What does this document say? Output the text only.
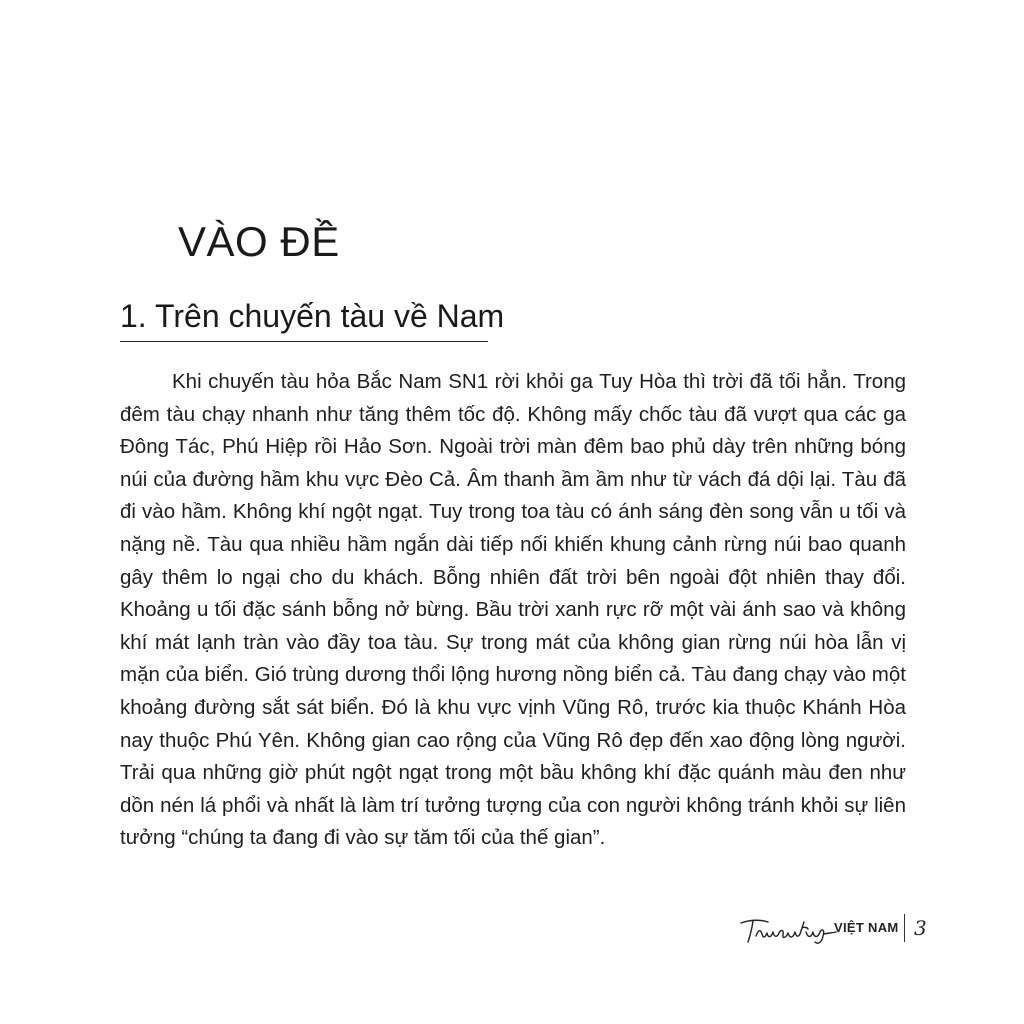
VÀO ĐỀ
1. Trên chuyến tàu về Nam

Khi chuyến tàu hỏa Bắc Nam SN1 rời khỏi ga Tuy Hòa thì trời đã tối hẳn. Trong đêm tàu chạy nhanh như tăng thêm tốc độ. Không mấy chốc tàu đã vượt qua các ga Đông Tác, Phú Hiệp rồi Hảo Sơn. Ngoài trời màn đêm bao phủ dày trên những bóng núi của đường hầm khu vực Đèo Cả. Âm thanh ầm ầm như từ vách đá dội lại. Tàu đã đi vào hầm. Không khí ngột ngạt. Tuy trong toa tàu có ánh sáng đèn song vẫn u tối và nặng nề. Tàu qua nhiều hầm ngắn dài tiếp nối khiến khung cảnh rừng núi bao quanh gây thêm lo ngại cho du khách. Bỗng nhiên đất trời bên ngoài đột nhiên thay đổi. Khoảng u tối đặc sánh bỗng nở bừng. Bầu trời xanh rực rỡ một vài ánh sao và không khí mát lạnh tràn vào đầy toa tàu. Sự trong mát của không gian rừng núi hòa lẫn vị mặn của biển. Gió trùng dương thổi lộng hương nồng biển cả. Tàu đang chạy vào một khoảng đường sắt sát biển. Đó là khu vực vịnh Vũng Rô, trước kia thuộc Khánh Hòa nay thuộc Phú Yên. Không gian cao rộng của Vũng Rô đẹp đến xao động lòng người. Trải qua những giờ phút ngột ngạt trong một bầu không khí đặc quánh màu đen như dồn nén lá phổi và nhất là làm trí tưởng tượng của con người không tránh khỏi sự liên tưởng “chúng ta đang đi vào sự tăm tối của thế gian”.

VIỆT NAM 3
